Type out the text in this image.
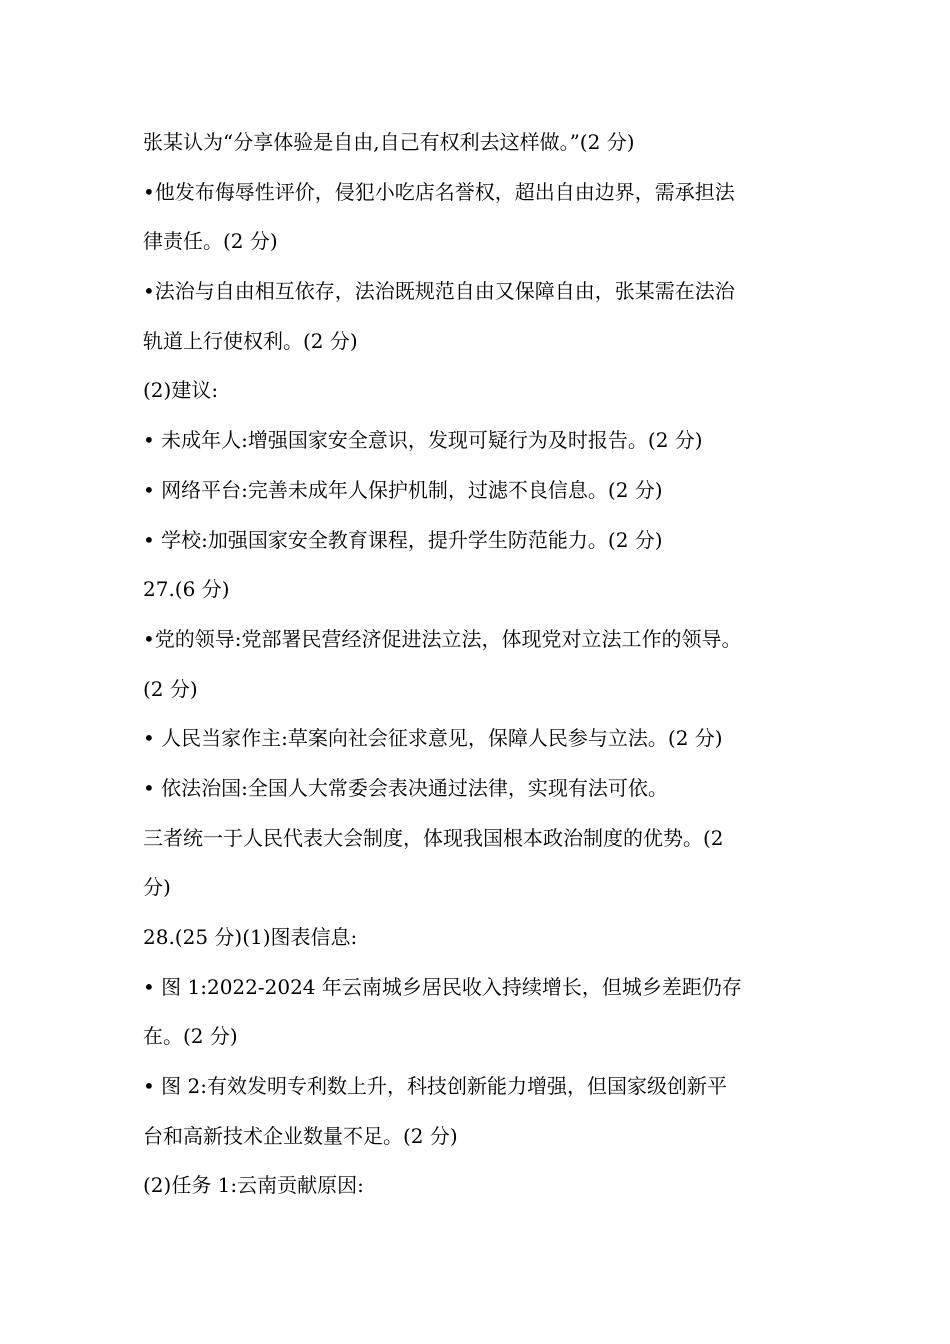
张某认为“分享体验是自由,自己有权利去这样做。”(2 分)

•他发布侮辱性评价，侵犯小吃店名誉权，超出自由边界，需承担法

律责任。(2 分)

•法治与自由相互依存，法治既规范自由又保障自由，张某需在法治

轨道上行使权利。(2 分)

(2)建议:

• 未成年人:增强国家安全意识，发现可疑行为及时报告。(2 分)

• 网络平台:完善未成年人保护机制，过滤不良信息。(2 分)

• 学校:加强国家安全教育课程，提升学生防范能力。(2 分)

27.(6 分)

•党的领导:党部署民营经济促进法立法，体现党对立法工作的领导。

(2 分)

• 人民当家作主:草案向社会征求意见，保障人民参与立法。(2 分)

• 依法治国:全国人大常委会表决通过法律，实现有法可依。

三者统一于人民代表大会制度，体现我国根本政治制度的优势。(2

分)

28.(25 分)(1)图表信息:

• 图 1:2022-2024 年云南城乡居民收入持续增长，但城乡差距仍存

在。(2 分)

• 图 2:有效发明专利数上升，科技创新能力增强，但国家级创新平

台和高新技术企业数量不足。(2 分)

(2)任务 1:云南贡献原因:
